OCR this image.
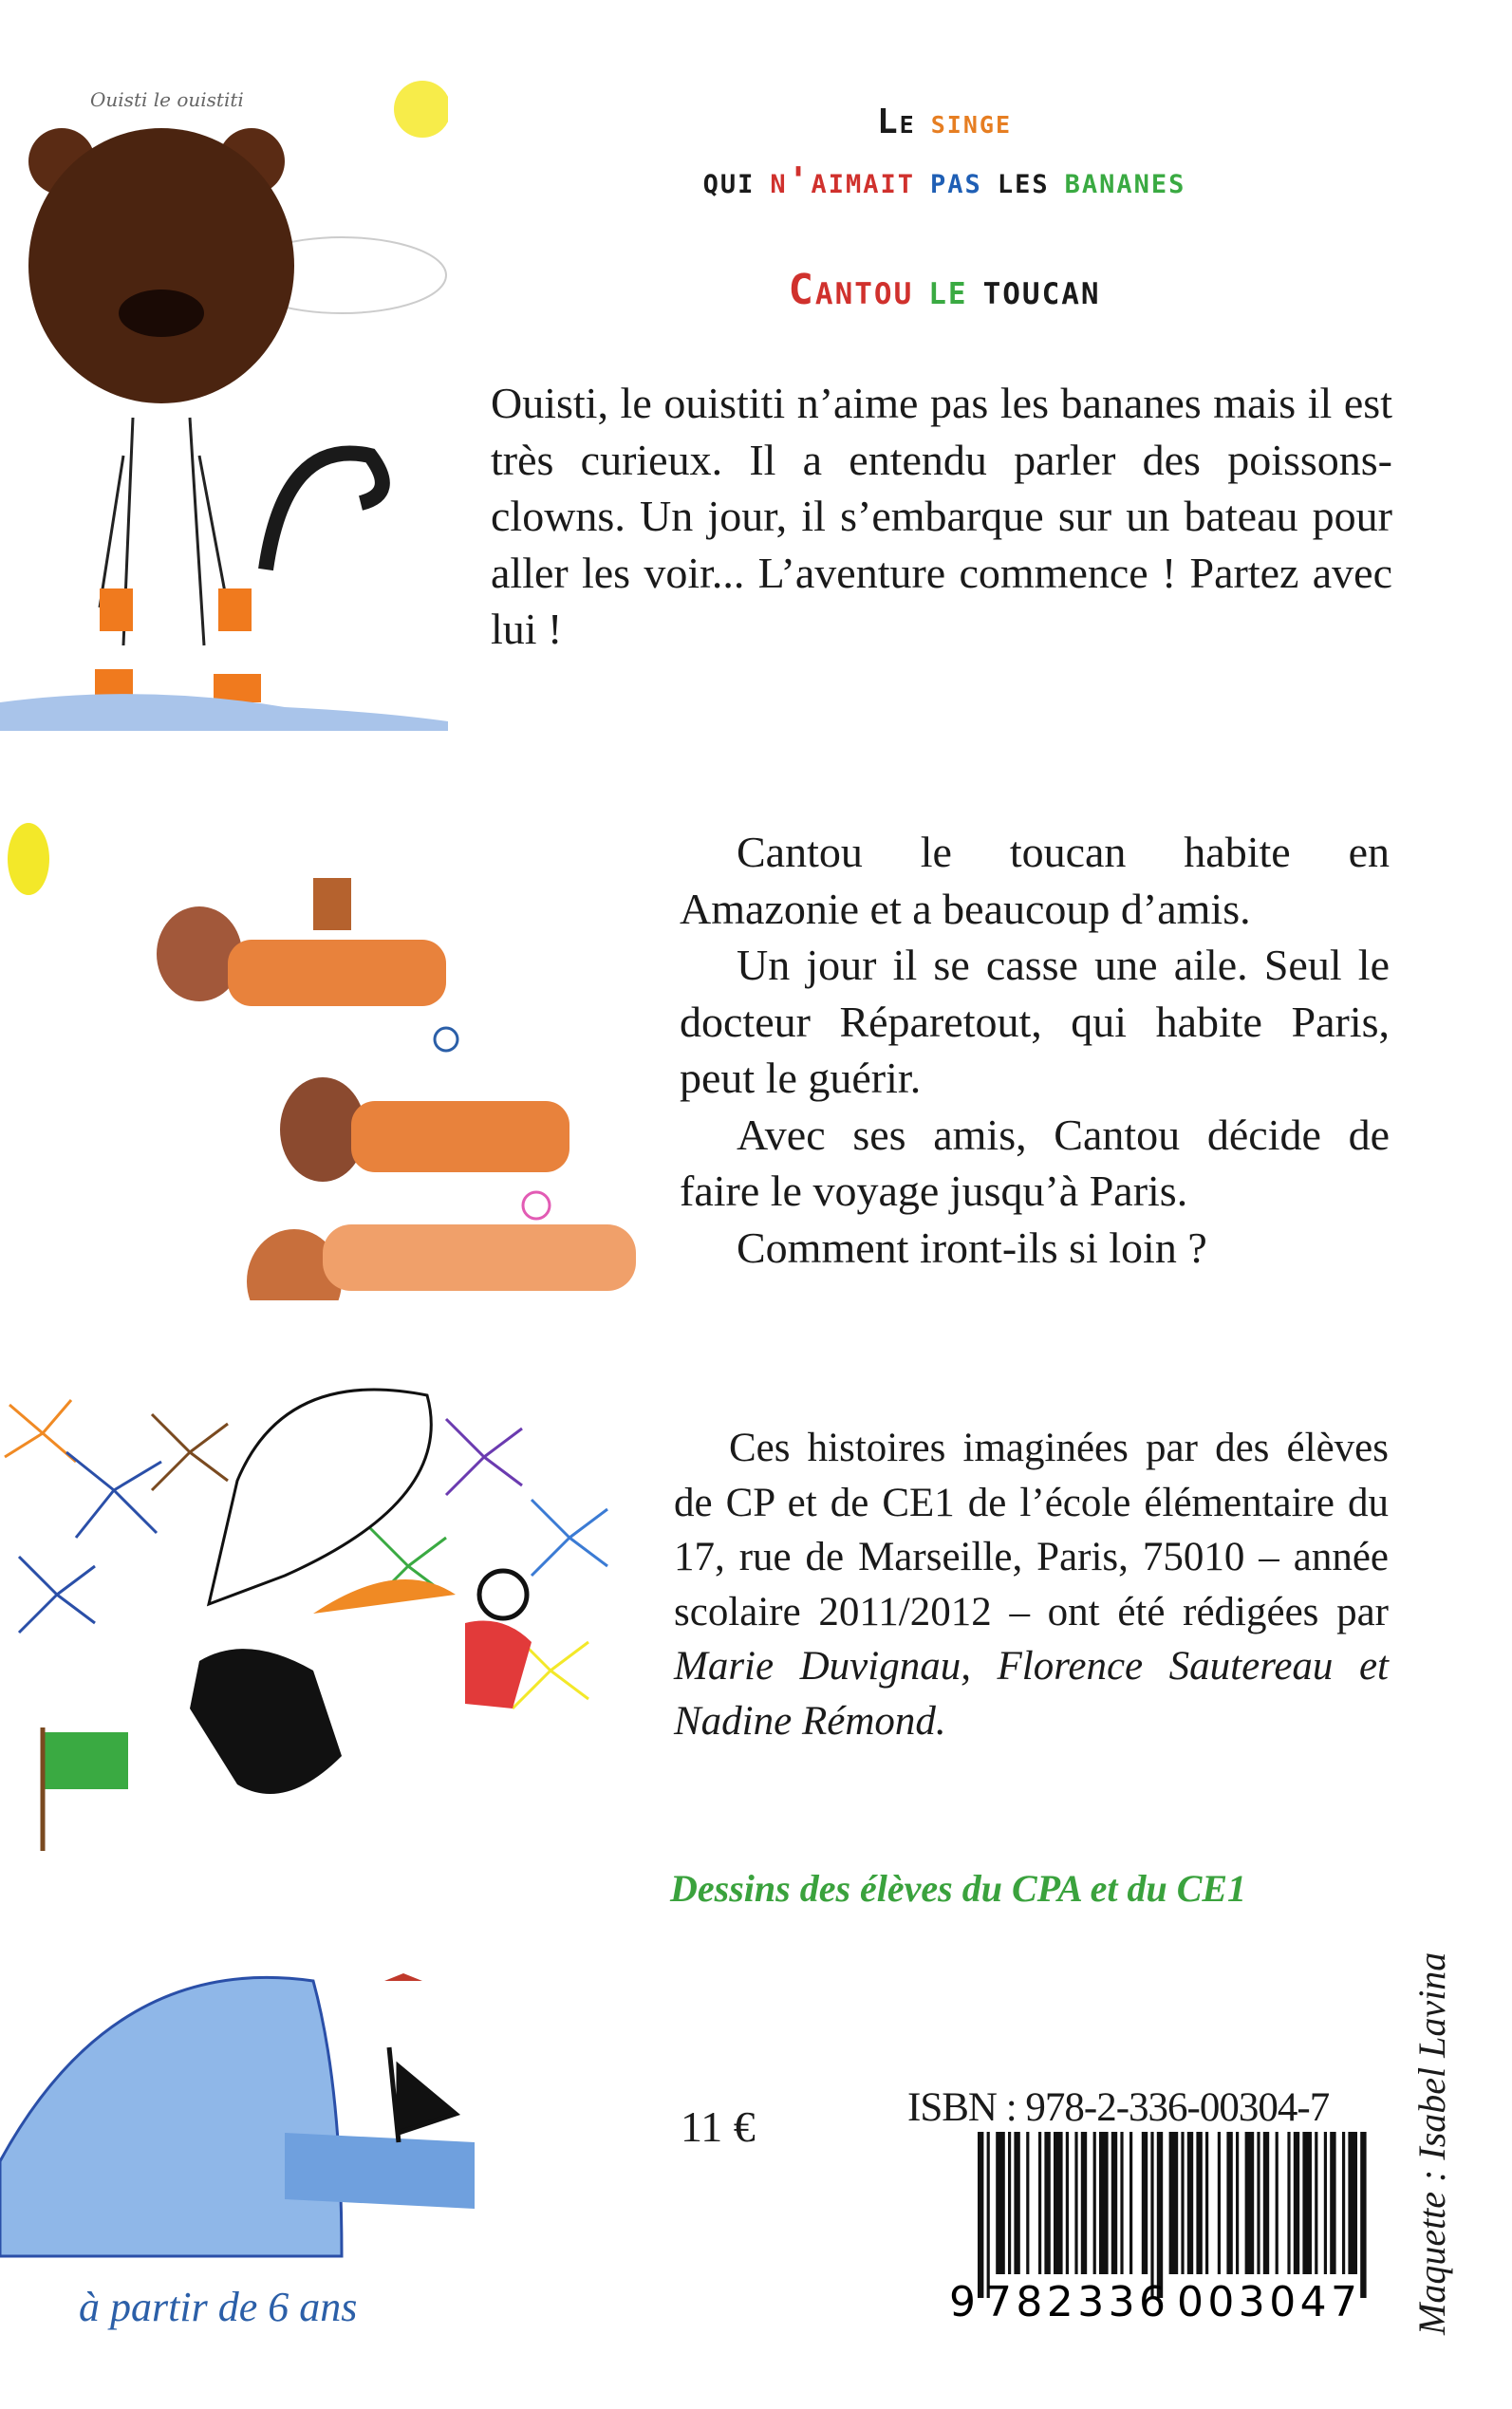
Le singe
qui n'aimait pas les bananes
Cantou le toucan
Ouisti le ouistiti
Ouisti, le ouistiti n’aime pas les bananes mais il est très curieux. Il a entendu parler des poissons-clowns. Un jour, il s’embarque sur un bateau pour aller les voir... L’aventure commence ! Partez avec lui !
Cantou le toucan habite en Amazonie et a beaucoup d’amis.
Un jour il se casse une aile. Seul le docteur Réparetout, qui habite Paris, peut le guérir.
Avec ses amis, Cantou décide de faire le voyage jusqu’à Paris.
Comment iront-ils si loin ?
Ces histoires imaginées par des élèves de CP et de CE1 de l’école élémentaire du 17, rue de Marseille, Paris, 75010 – année scolaire 2011/2012 – ont été rédigées par Marie Duvignau, Florence Sautereau et Nadine Rémond.
Dessins des élèves du CPA et du CE1
à partir de 6 ans
11 €	ISBN : 978-2-336-00304-7
9 782336 003047 Maquette : Isabel Lavina
